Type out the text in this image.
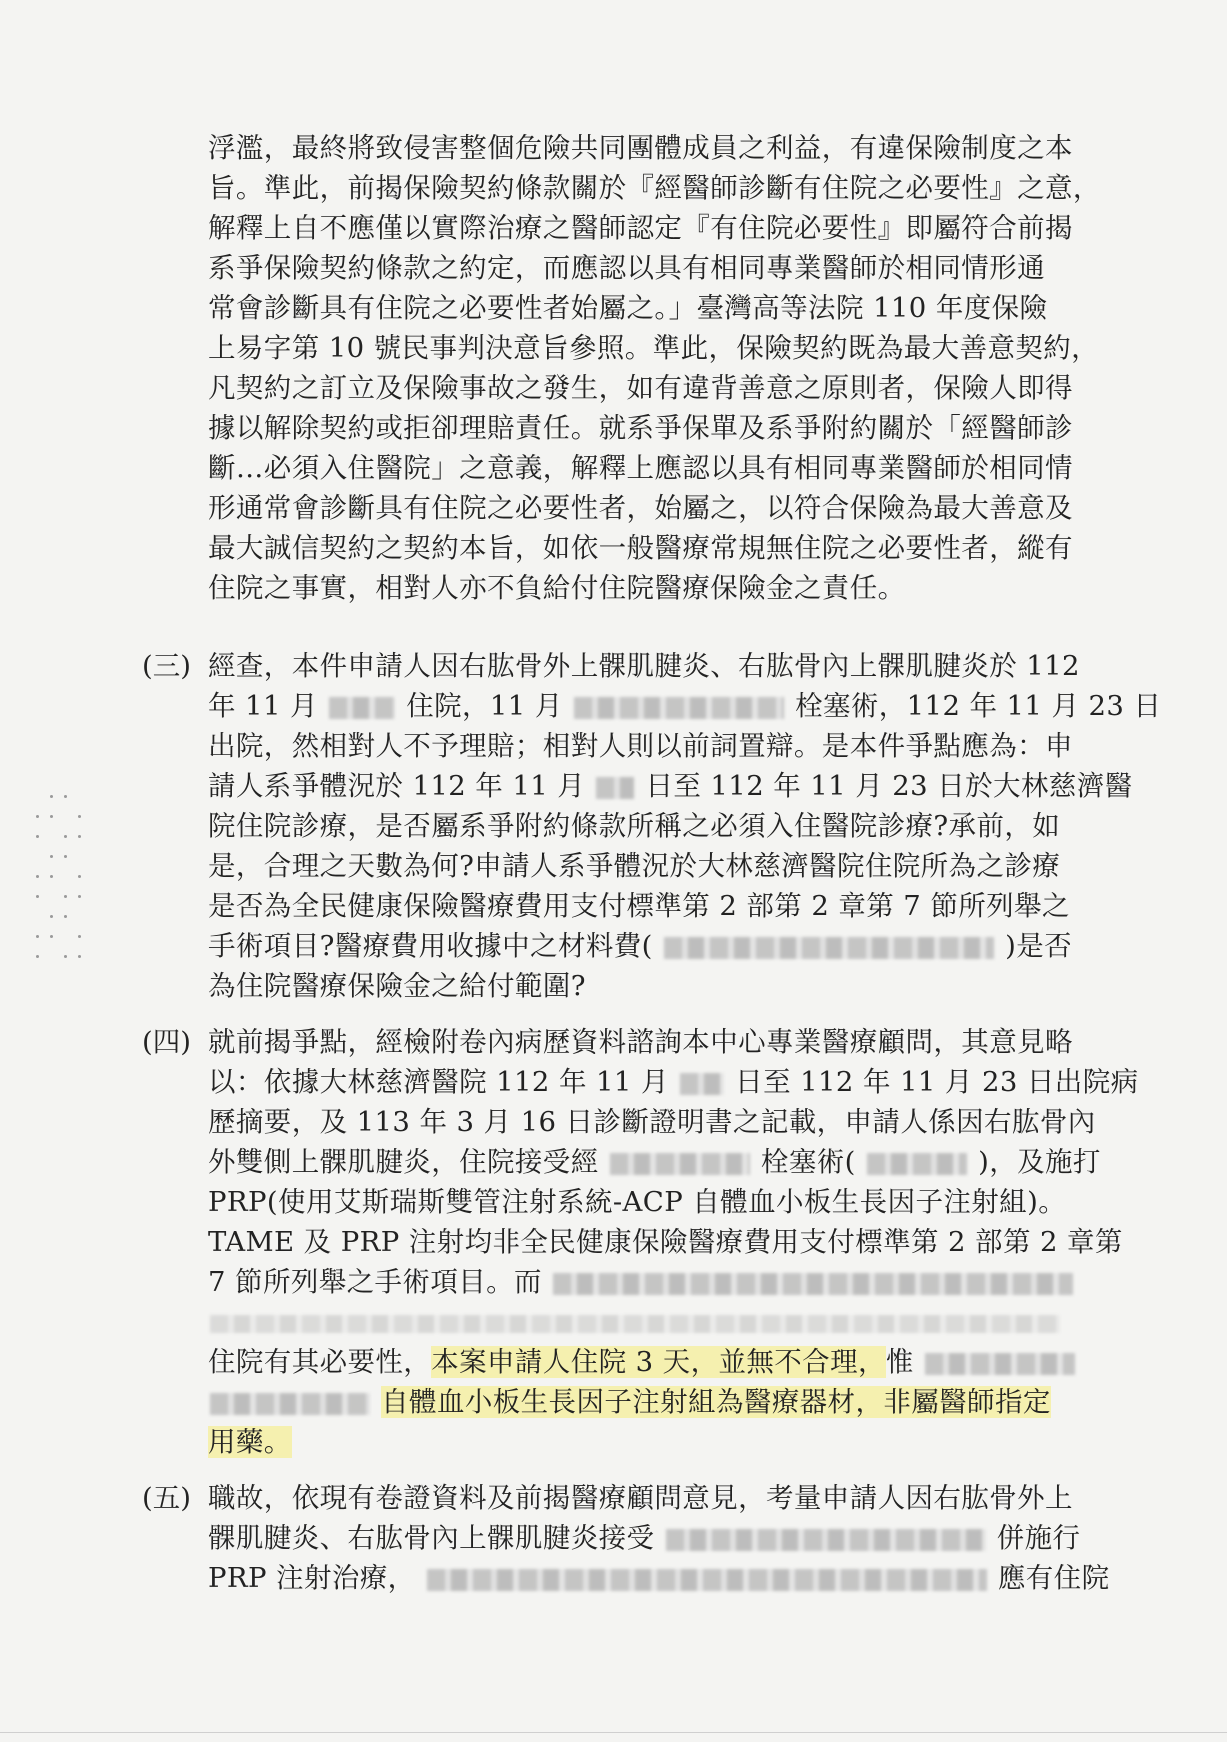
浮濫，最終將致侵害整個危險共同團體成員之利益，有違保險制度之本
旨。準此，前揭保險契約條款關於『經醫師診斷有住院之必要性』之意，
解釋上自不應僅以實際治療之醫師認定『有住院必要性』即屬符合前揭
系爭保險契約條款之約定，而應認以具有相同專業醫師於相同情形通
常會診斷具有住院之必要性者始屬之。」臺灣高等法院 110 年度保險
上易字第 10 號民事判決意旨參照。準此，保險契約既為最大善意契約，
凡契約之訂立及保險事故之發生，如有違背善意之原則者，保險人即得
據以解除契約或拒卻理賠責任。就系爭保單及系爭附約關於「經醫師診
斷…必須入住醫院」之意義，解釋上應認以具有相同專業醫師於相同情
形通常會診斷具有住院之必要性者，始屬之，以符合保險為最大善意及
最大誠信契約之契約本旨，如依一般醫療常規無住院之必要性者，縱有
住院之事實，相對人亦不負給付住院醫療保險金之責任。
(三) 經查，本件申請人因右肱骨外上髁肌腱炎、右肱骨內上髁肌腱炎於 112
年 11 月	住院，11 月	栓塞術，112 年 11 月 23 日
出院，然相對人不予理賠；相對人則以前詞置辯。是本件爭點應為：申
請人系爭體況於 112 年 11 月 日至 112 年 11 月 23 日於大林慈濟醫
院住院診療，是否屬系爭附約條款所稱之必須入住醫院診療?承前，如
是，合理之天數為何?申請人系爭體況於大林慈濟醫院住院所為之診療
是否為全民健康保險醫療費用支付標準第 2 部第 2 章第 7 節所列舉之
手術項目?醫療費用收據中之材料費(	)是否
為住院醫療保險金之給付範圍?
(四) 就前揭爭點，經檢附卷內病歷資料諮詢本中心專業醫療顧問，其意見略
以：依據大林慈濟醫院 112 年 11 月 日至 112 年 11 月 23 日出院病
歷摘要，及 113 年 3 月 16 日診斷證明書之記載，申請人係因右肱骨內
外雙側上髁肌腱炎，住院接受經	栓塞術(	)，及施打
PRP(使用艾斯瑞斯雙管注射系統-ACP 自體血小板生長因子注射組)。
TAME 及 PRP 注射均非全民健康保險醫療費用支付標準第 2 部第 2 章第
7 節所列舉之手術項目。而
住院有其必要性，本案申請人住院 3 天，並無不合理，惟
自體血小板生長因子注射組為醫療器材，非屬醫師指定
用藥。
(五) 職故，依現有卷證資料及前揭醫療顧問意見，考量申請人因右肱骨外上
髁肌腱炎、右肱骨內上髁肌腱炎接受	併施行
PRP 注射治療，	應有住院
